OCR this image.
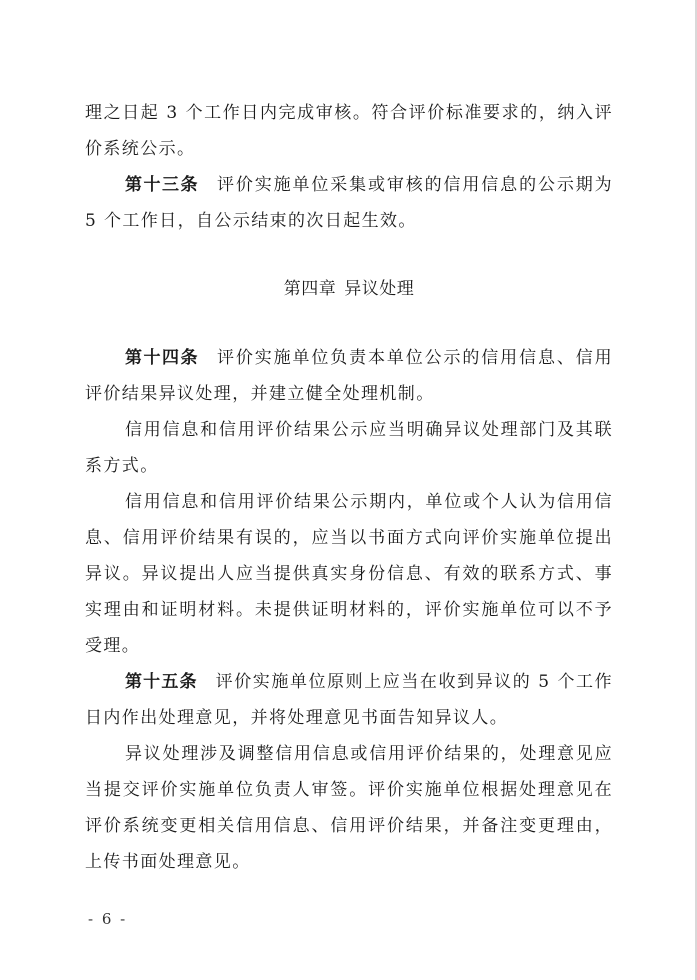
理之日起 3 个工作日内完成审核。符合评价标准要求的，纳入评价系统公示。

第十三条 评价实施单位采集或审核的信用信息的公示期为 5 个工作日，自公示结束的次日起生效。

第四章 异议处理

第十四条 评价实施单位负责本单位公示的信用信息、信用评价结果异议处理，并建立健全处理机制。

信用信息和信用评价结果公示应当明确异议处理部门及其联系方式。

信用信息和信用评价结果公示期内，单位或个人认为信用信息、信用评价结果有误的，应当以书面方式向评价实施单位提出异议。异议提出人应当提供真实身份信息、有效的联系方式、事实理由和证明材料。未提供证明材料的，评价实施单位可以不予受理。

第十五条 评价实施单位原则上应当在收到异议的 5 个工作日内作出处理意见，并将处理意见书面告知异议人。

异议处理涉及调整信用信息或信用评价结果的，处理意见应当提交评价实施单位负责人审签。评价实施单位根据处理意见在评价系统变更相关信用信息、信用评价结果，并备注变更理由，上传书面处理意见。

- 6 -
